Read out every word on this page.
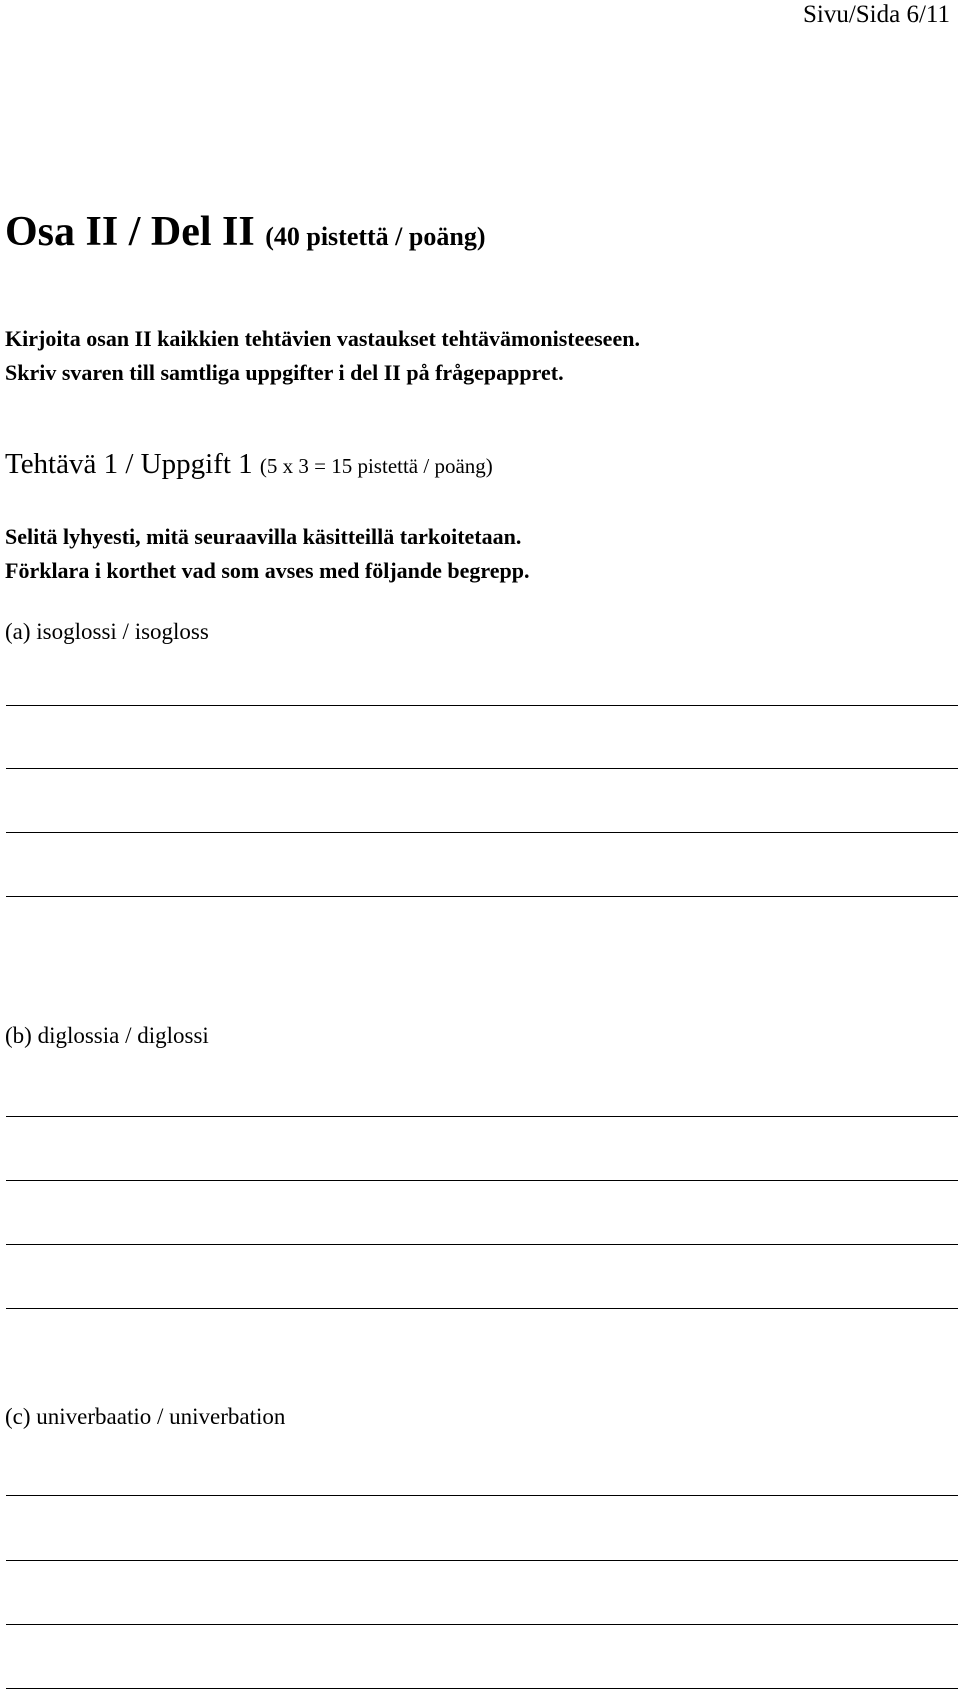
Sivu/Sida 6/11
Osa II / Del II (40 pistettä / poäng)
Kirjoita osan II kaikkien tehtävien vastaukset tehtävämonisteeseen.
Skriv svaren till samtliga uppgifter i del II på frågepappret.
Tehtävä 1 / Uppgift 1 (5 x 3 = 15 pistettä / poäng)
Selitä lyhyesti, mitä seuraavilla käsitteillä tarkoitetaan.
Förklara i korthet vad som avses med följande begrepp.
(a) isoglossi / isogloss
(b) diglossia / diglossi
(c) univerbaatio / univerbation
